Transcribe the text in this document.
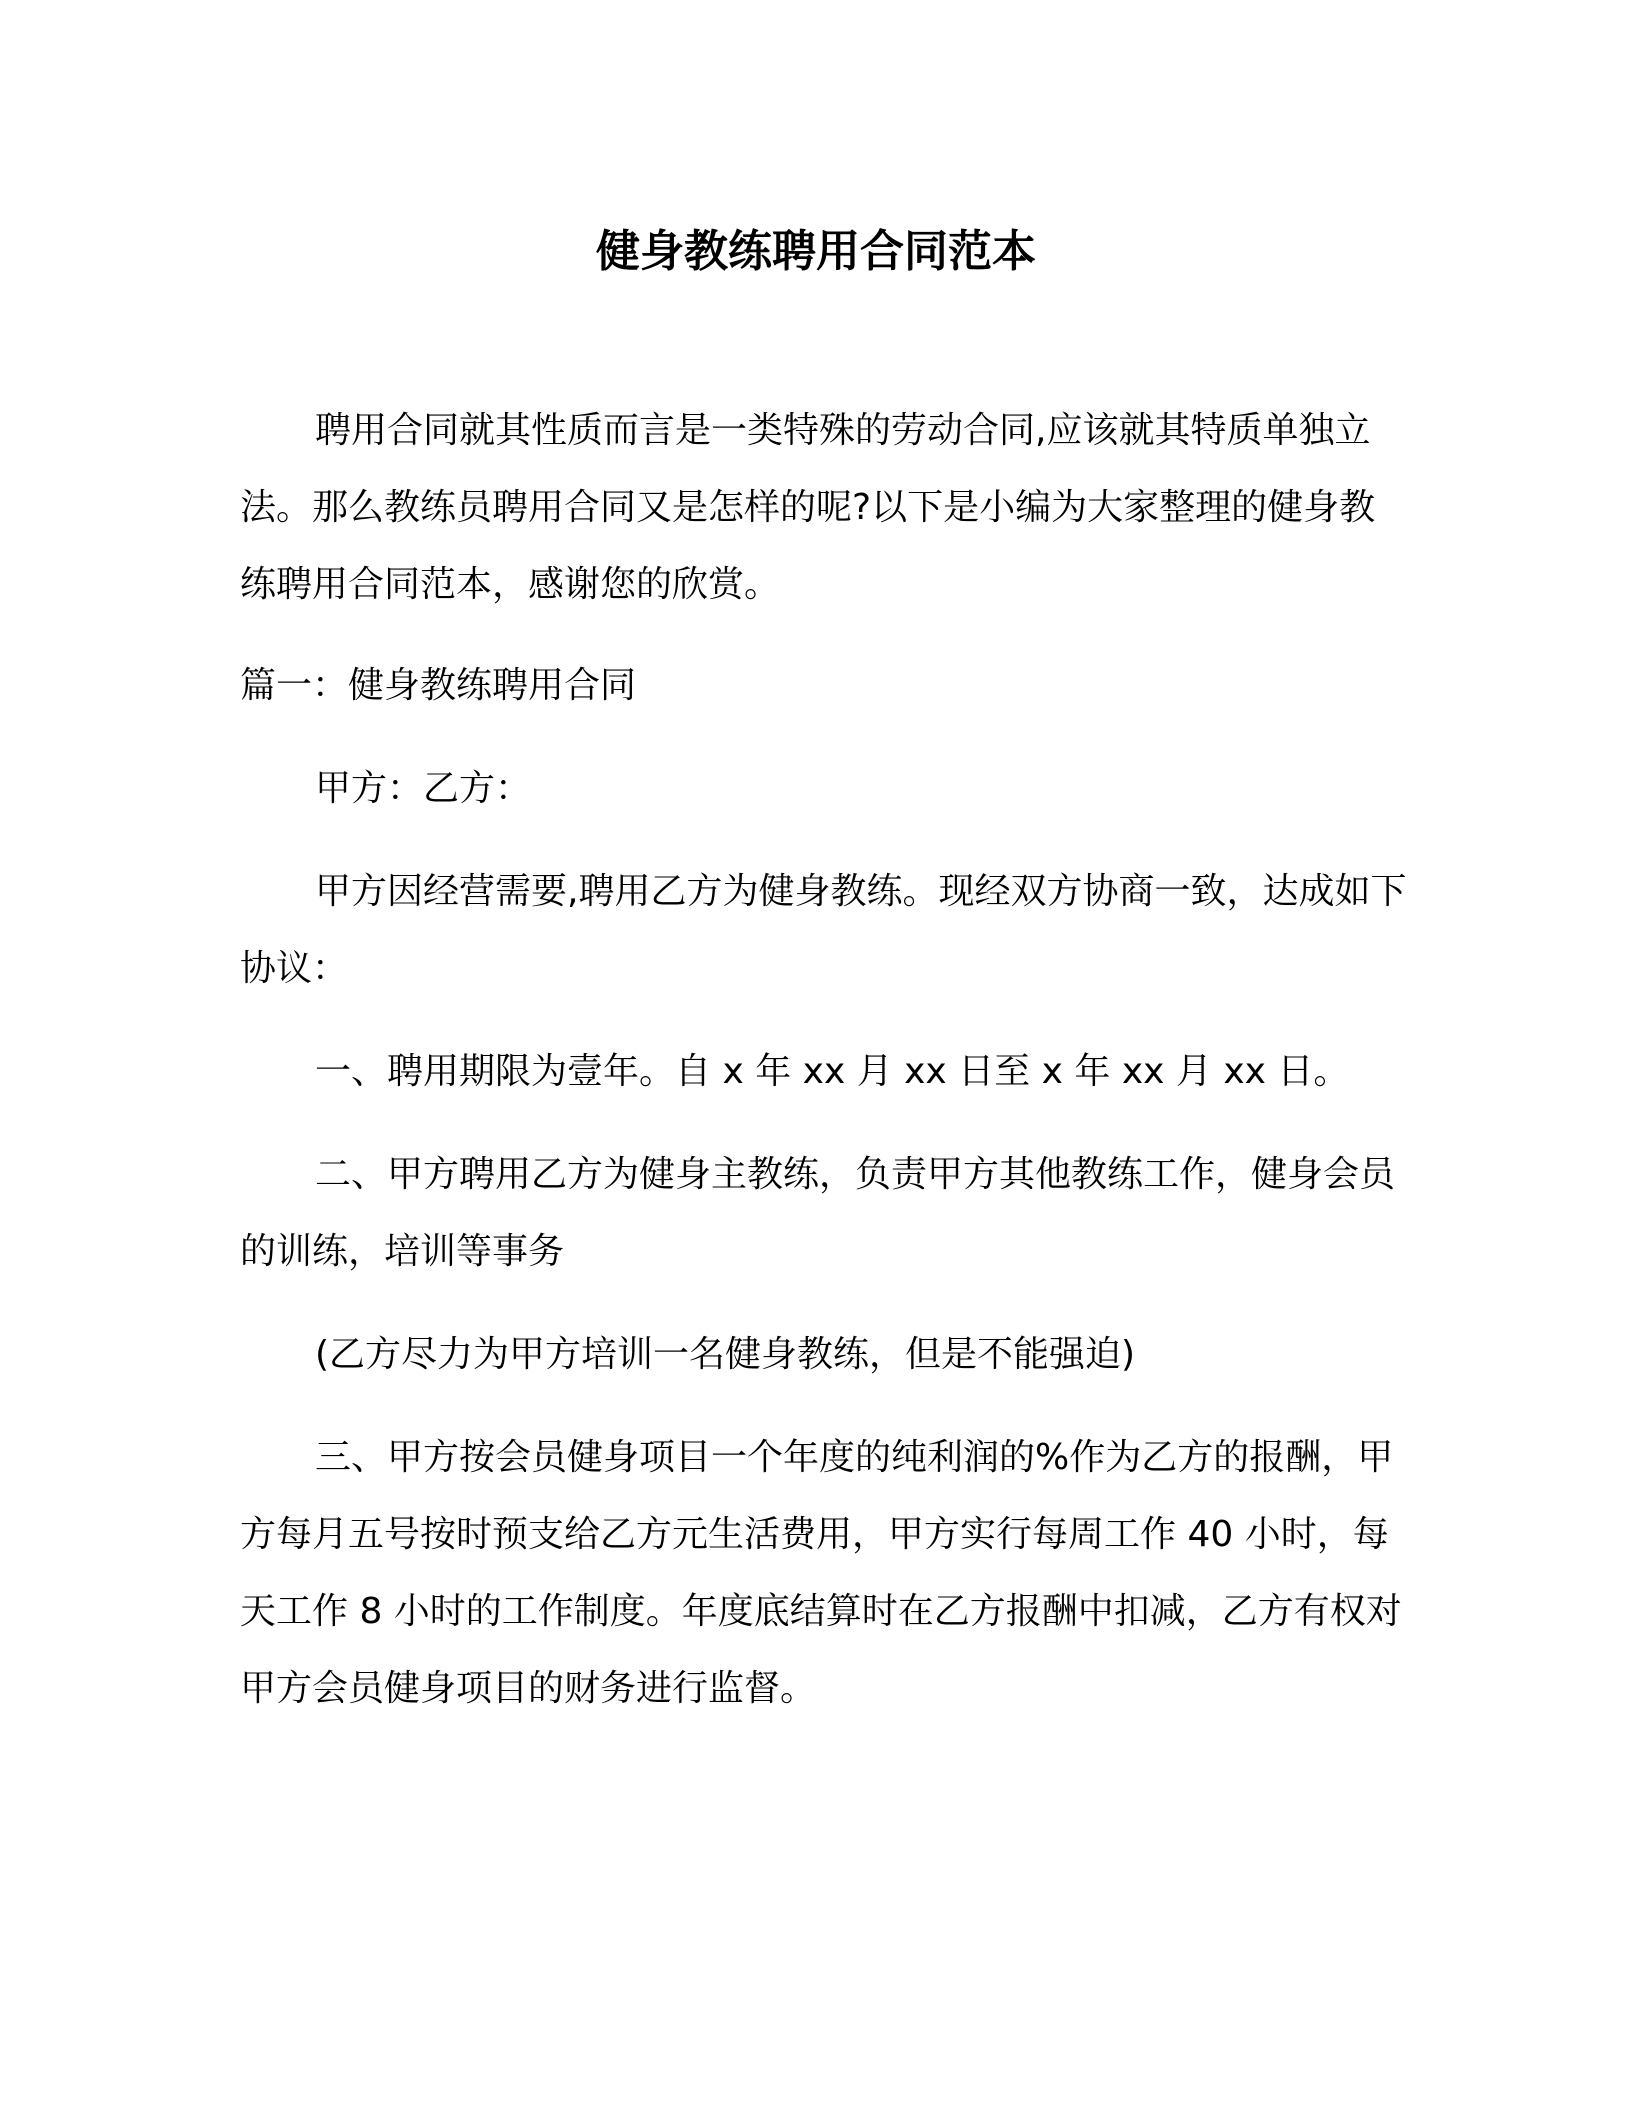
健身教练聘用合同范本

聘用合同就其性质而言是一类特殊的劳动合同,应该就其特质单独立法。那么教练员聘用合同又是怎样的呢?以下是小编为大家整理的健身教练聘用合同范本，感谢您的欣赏。

篇一：健身教练聘用合同

甲方：乙方：

甲方因经营需要,聘用乙方为健身教练。现经双方协商一致，达成如下协议：

一、聘用期限为壹年。自 x 年 xx 月 xx 日至 x 年 xx 月 xx 日。

二、甲方聘用乙方为健身主教练，负责甲方其他教练工作，健身会员的训练，培训等事务

(乙方尽力为甲方培训一名健身教练，但是不能强迫)

三、甲方按会员健身项目一个年度的纯利润的%作为乙方的报酬，甲方每月五号按时预支给乙方元生活费用，甲方实行每周工作 40 小时，每天工作 8 小时的工作制度。年度底结算时在乙方报酬中扣减，乙方有权对甲方会员健身项目的财务进行监督。
